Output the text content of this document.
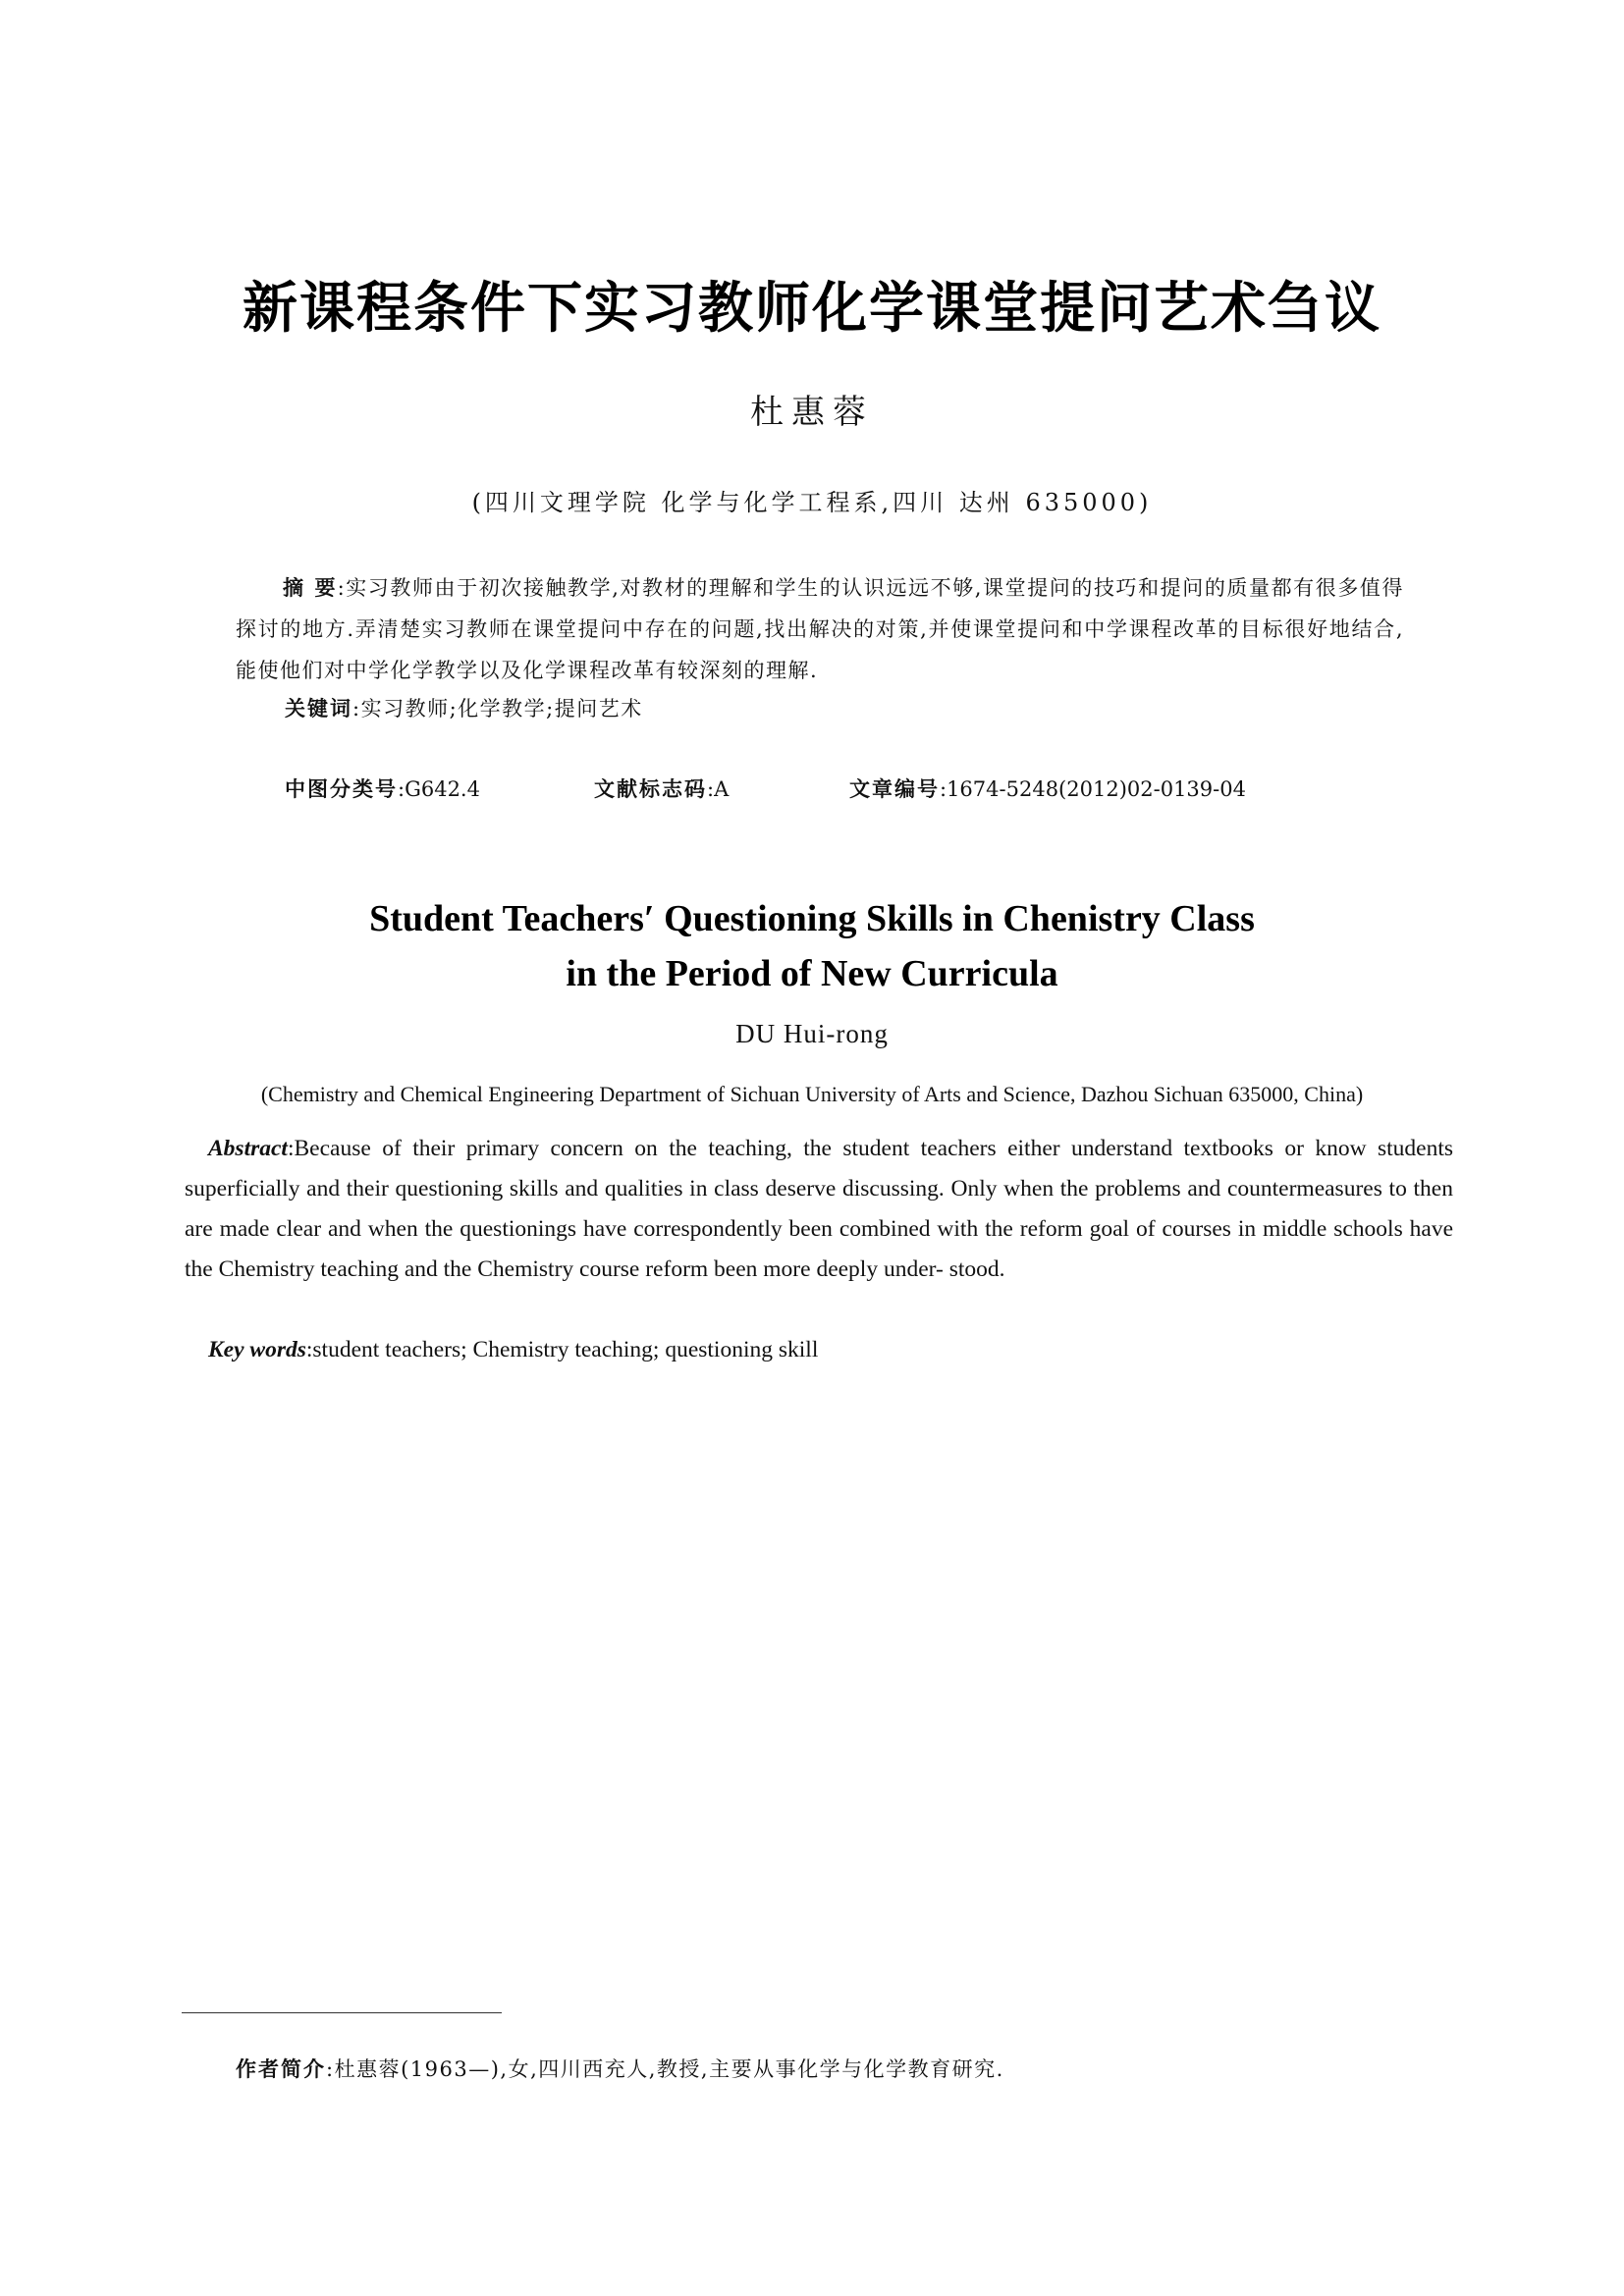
新课程条件下实习教师化学课堂提问艺术刍议
杜惠蓉
(四川文理学院 化学与化学工程系,四川 达州 635000)
摘 要:实习教师由于初次接触教学,对教材的理解和学生的认识远远不够,课堂提问的技巧和提问的质量都有很多值得探讨的地方.弄清楚实习教师在课堂提问中存在的问题,找出解决的对策,并使课堂提问和中学课程改革的目标很好地结合,能使他们对中学化学教学以及化学课程改革有较深刻的理解.
关键词:实习教师;化学教学;提问艺术
中图分类号:G642.4	文献标志码:A	文章编号:1674-5248(2012)02-0139-04
Student Teachers′ Questioning Skills in Chenistry Class
in the Period of New Curricula
DU Hui-rong
(Chemistry and Chemical Engineering Department of Sichuan University of Arts and Science, Dazhou Sichuan 635000, China)
Abstract:Because of their primary concern on the teaching, the student teachers either understand textbooks or know students superficially and their questioning skills and qualities in class deserve discussing. Only when the problems and countermeasures to then are made clear and when the questionings have correspondently been combined with the reform goal of courses in middle schools have the Chemistry teaching and the Chemistry course reform been more deeply under- stood.
Key words:student teachers; Chemistry teaching; questioning skill
作者简介:杜惠蓉(1963—),女,四川西充人,教授,主要从事化学与化学教育研究.
